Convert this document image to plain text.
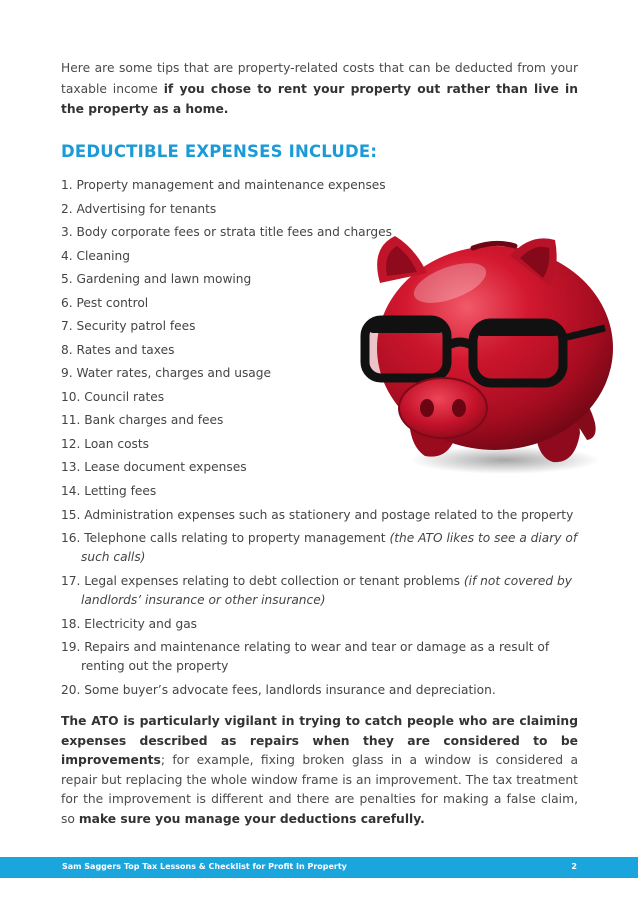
Here are some tips that are property-related costs that can be deducted from your taxable income if you chose to rent your property out rather than live in the property as a home.

DEDUCTIBLE EXPENSES INCLUDE:
1. Property management and maintenance expenses
2. Advertising for tenants
3. Body corporate fees or strata title fees and charges
4. Cleaning
5. Gardening and lawn mowing
6. Pest control
7. Security patrol fees
8. Rates and taxes
9. Water rates, charges and usage
10. Council rates
11. Bank charges and fees
12. Loan costs
13. Lease document expenses
14. Letting fees
15. Administration expenses such as stationery and postage related to the property
16. Telephone calls relating to property management (the ATO likes to see a diary of such calls)
17. Legal expenses relating to debt collection or tenant problems (if not covered by landlords’ insurance or other insurance)
18. Electricity and gas
19. Repairs and maintenance relating to wear and tear or damage as a result of renting out the property
20. Some buyer’s advocate fees, landlords insurance and depreciation.

The ATO is particularly vigilant in trying to catch people who are claiming expenses described as repairs when they are considered to be improvements; for example, fixing broken glass in a window is considered a repair but replacing the whole window frame is an improvement. The tax treatment for the improvement is different and there are penalties for making a false claim, so make sure you manage your deductions carefully.

Sam Saggers Top Tax Lessons & Checklist for Profit In Property	2
